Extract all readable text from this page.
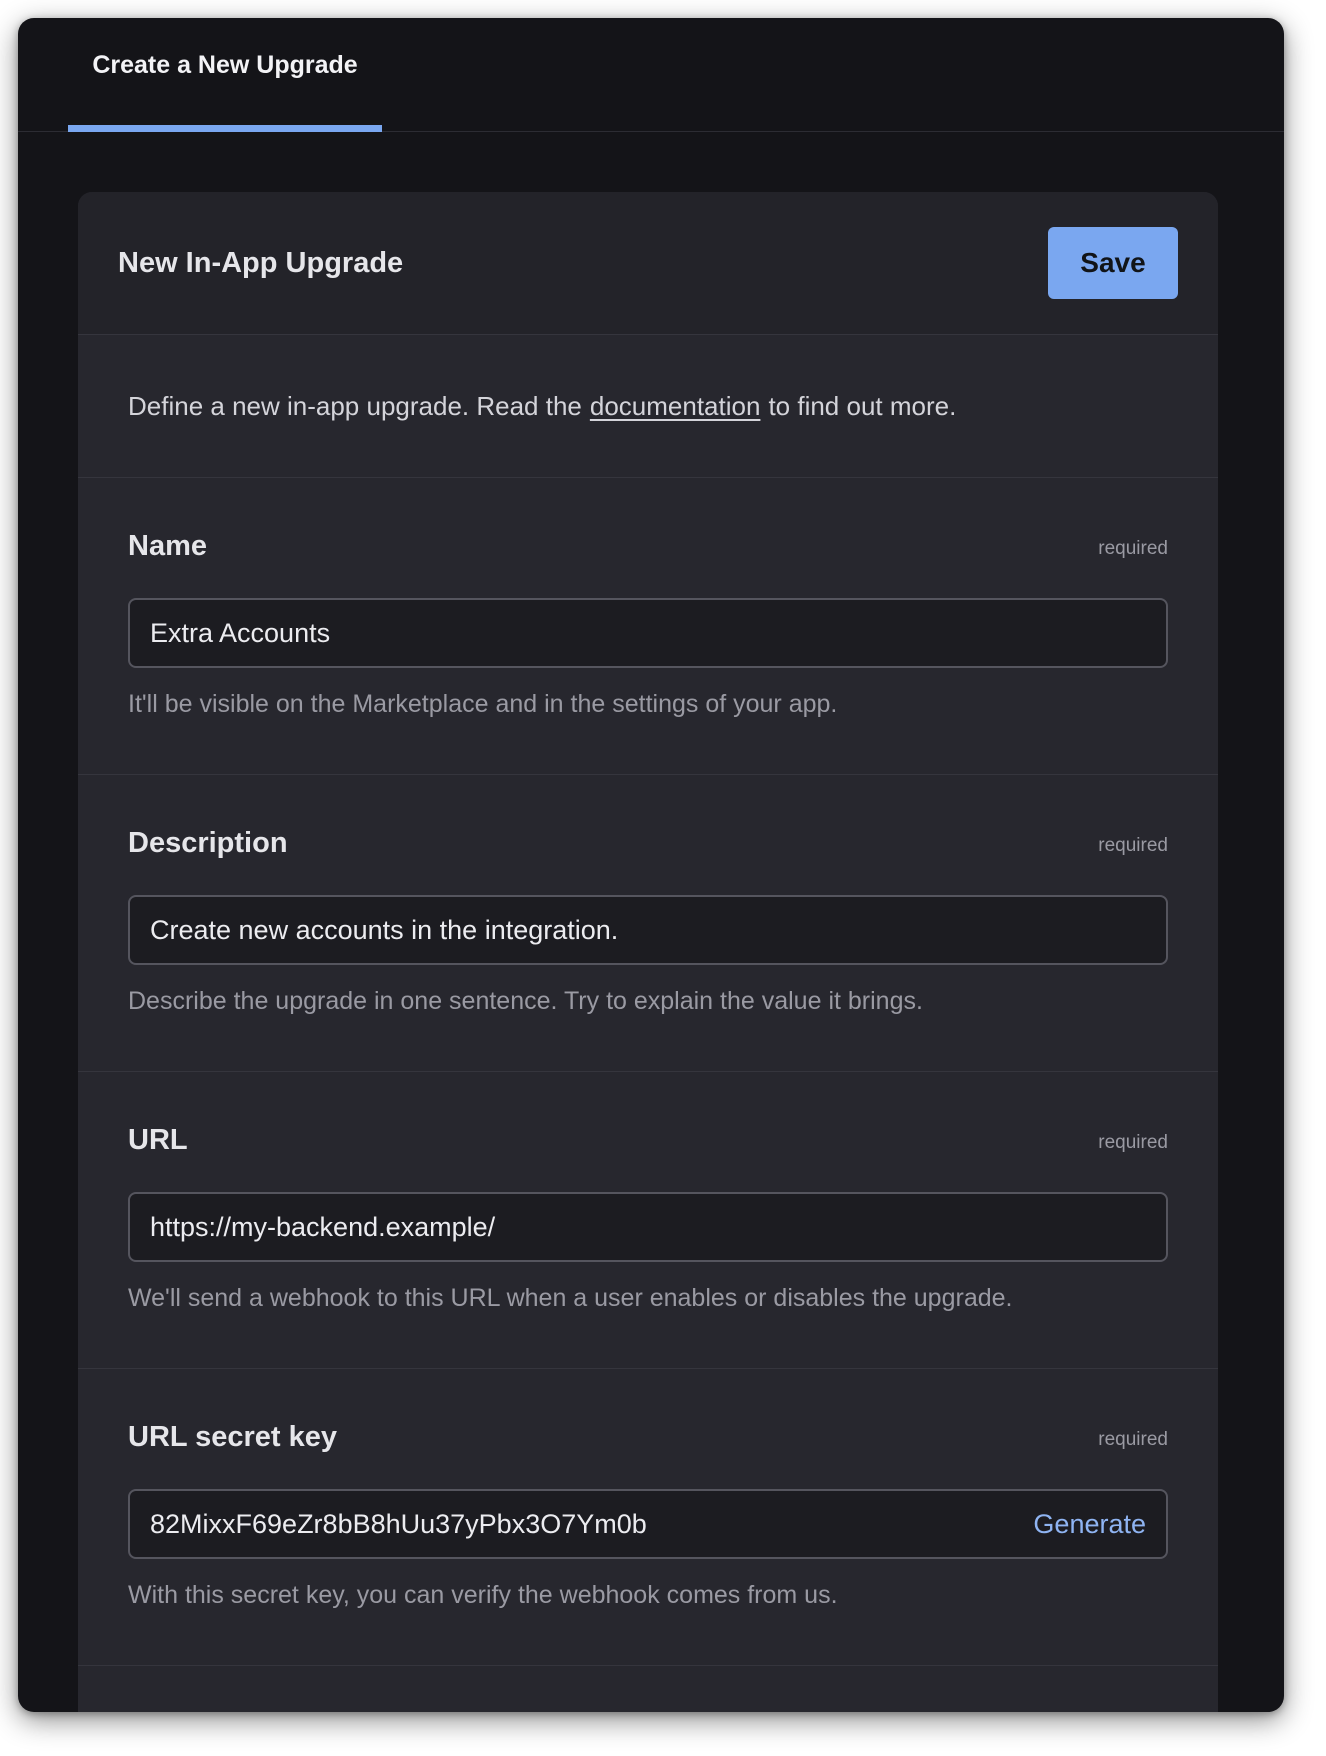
Create a New Upgrade
New In-App Upgrade	Save
Define a new in-app upgrade. Read the documentation to find out more.
Name	required
Extra Accounts
It'll be visible on the Marketplace and in the settings of your app.
Description	required
Create new accounts in the integration.
Describe the upgrade in one sentence. Try to explain the value it brings.
URL	required
https://my-backend.example/
We'll send a webhook to this URL when a user enables or disables the upgrade.
URL secret key	required
82MixxF69eZr8bB8hUu37yPbx3O7Ym0b	Generate
With this secret key, you can verify the webhook comes from us.
